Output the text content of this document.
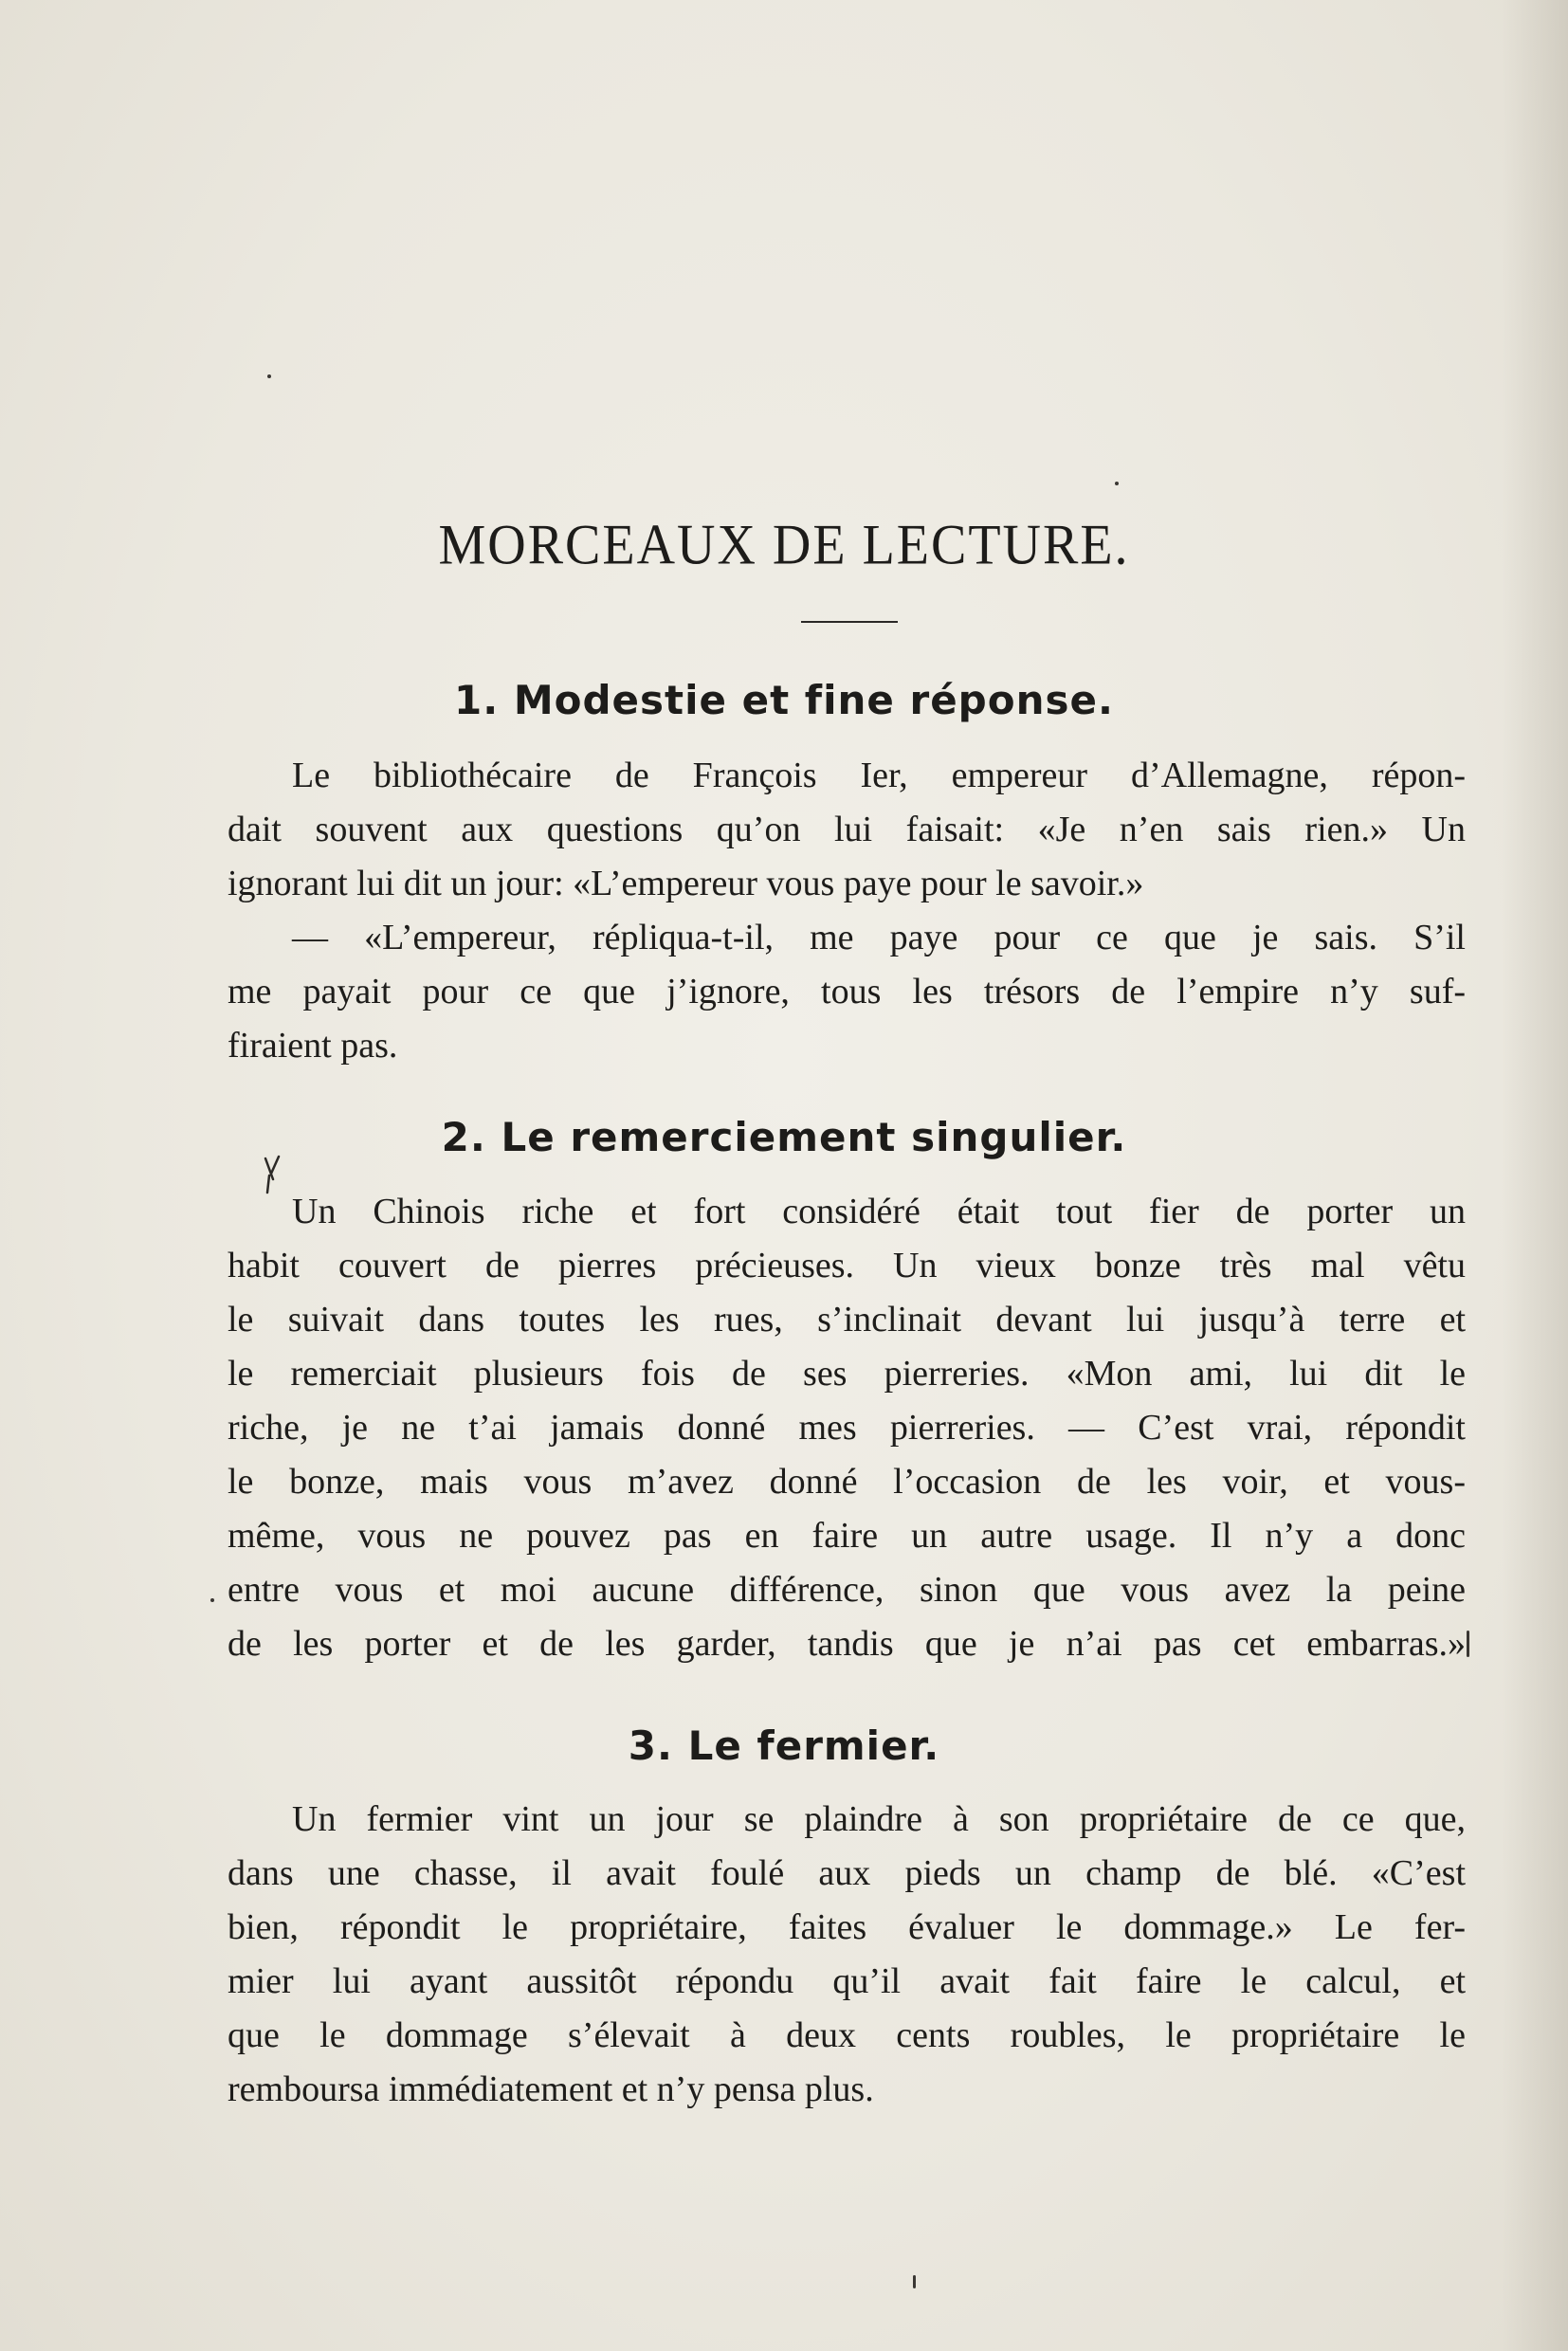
MORCEAUX DE LECTURE.
1. Modestie et fine réponse.

Le bibliothécaire de François Ier, empereur d’Allemagne, répon-
dait souvent aux questions qu’on lui faisait: «Je n’en sais rien.» Un
ignorant lui dit un jour: «L’empereur vous paye pour le savoir.»

— «L’empereur, répliqua-t-il, me paye pour ce que je sais. S’il
me payait pour ce que j’ignore, tous les trésors de l’empire n’y suf-
firaient pas.

2. Le remerciement singulier.

Un Chinois riche et fort considéré était tout fier de porter un
habit couvert de pierres précieuses. Un vieux bonze très mal vêtu
le suivait dans toutes les rues, s’inclinait devant lui jusqu’à terre et
le remerciait plusieurs fois de ses pierreries. «Mon ami, lui dit le
riche, je ne t’ai jamais donné mes pierreries. — C’est vrai, répondit
le bonze, mais vous m’avez donné l’occasion de les voir, et vous-
même, vous ne pouvez pas en faire un autre usage. Il n’y a donc
entre vous et moi aucune différence, sinon que vous avez la peine
de les porter et de les garder, tandis que je n’ai pas cet embarras.»

3. Le fermier.

Un fermier vint un jour se plaindre à son propriétaire de ce que,
dans une chasse, il avait foulé aux pieds un champ de blé. «C’est
bien, répondit le propriétaire, faites évaluer le dommage.» Le fer-
mier lui ayant aussitôt répondu qu’il avait fait faire le calcul, et
que le dommage s’élevait à deux cents roubles, le propriétaire le
remboursa immédiatement et n’y pensa plus.
